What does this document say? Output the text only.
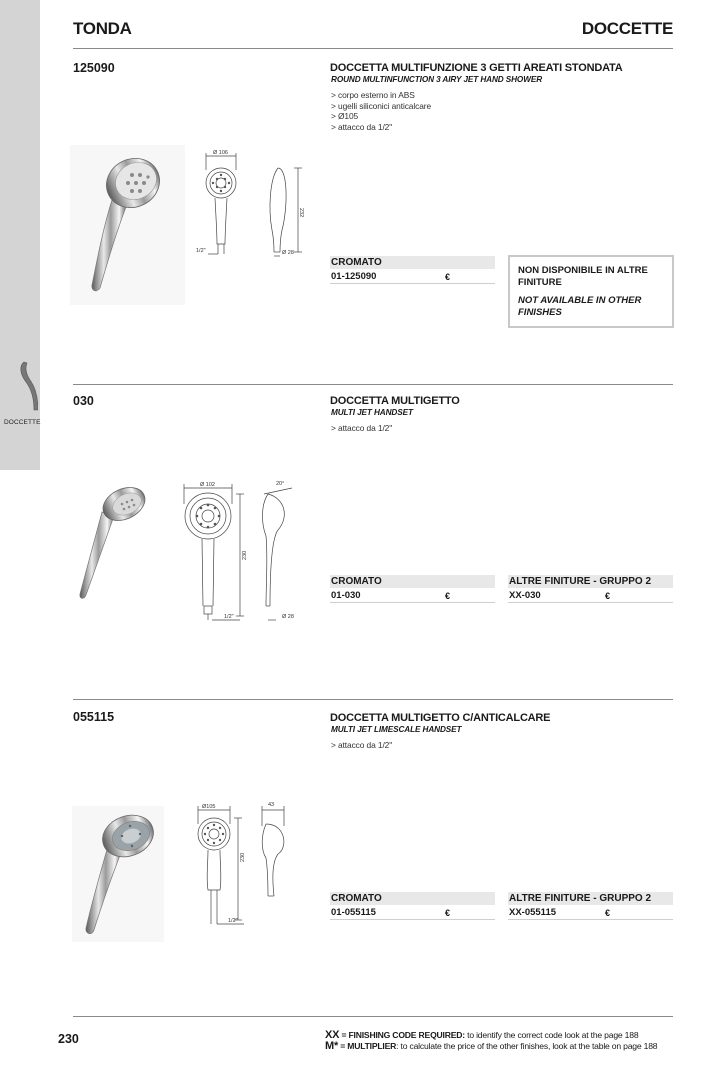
DOCCETTE
TONDA	DOCCETTE
125090	DOCCETTA MULTIFUNZIONE 3 GETTI AREATI STONDATA
ROUND MULTINFUNCTION 3 AIRY JET HAND SHOWER
> corpo esterno in ABS
> ugelli siliconici anticalcare
> Ø105
> attacco da 1/2"
Ø 106
1/2"	Ø 28
232
CROMATO
01-125090	€
NON DISPONIBILE IN ALTRE FINITURE
NOT AVAILABLE IN OTHER FINISHES
030	DOCCETTA MULTIGETTO
MULTI JET HANDSET
> attacco da 1/2"
Ø 102	20°
1/2"	Ø 28
230
CROMATO
01-030	€
ALTRE FINITURE - GRUPPO 2
XX-030	€
055115	DOCCETTA MULTIGETTO C/ANTICALCARE
MULTI JET LIMESCALE HANDSET
> attacco da 1/2"
Ø105	43
1/2"
230
CROMATO
01-055115	€
ALTRE FINITURE - GRUPPO 2
XX-055115	€
230	XX = FINISHING CODE REQUIRED: to identify the correct code look at the page 188
M* = MULTIPLIER: to calculate the price of the other finishes, look at the table on page 188
